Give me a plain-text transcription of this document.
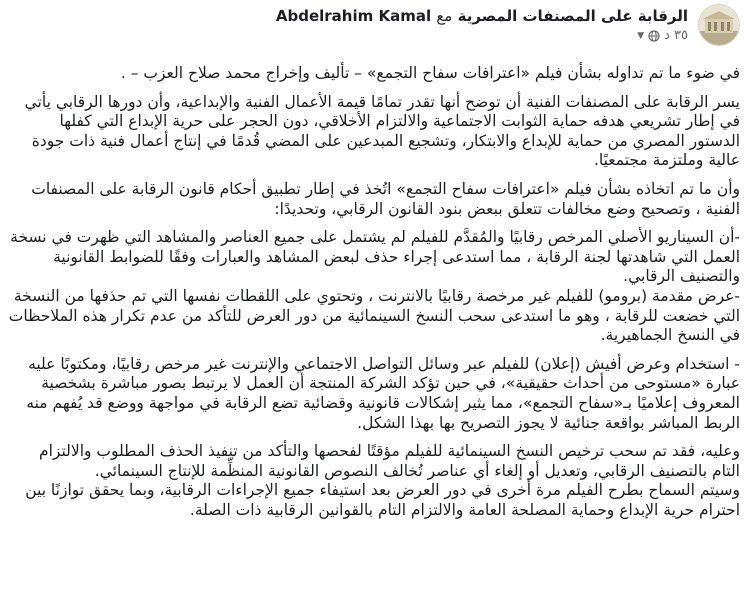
الرقابة على المصنفات المصرية مع Abdelrahim Kamal
٣٥ د
▼

في ضوء ما تم تداوله بشأن فيلم «اعترافات سفاح التجمع» – تأليف وإخراج محمد صلاح العزب – .

يسر الرقابة على المصنفات الفنية أن توضح أنها تقدر تمامًا قيمة الأعمال الفنية والإبداعية، وأن دورها الرقابي يأتي في إطار تشريعي هدفه حماية الثوابت الاجتماعية والالتزام الأخلاقي، دون الحجر على حرية الإبداع التي كفلها الدستور المصري من حماية للإبداع والابتكار، وتشجيع المبدعين على المضي قُدمًا في إنتاج أعمال فنية ذات جودة عالية وملتزمة مجتمعيًا.

وأن ما تم اتخاذه بشأن فيلم «اعترافات سفاح التجمع» اتُخذ في إطار تطبيق أحكام قانون الرقابة على المصنفات الفنية ، وتصحيح وضع مخالفات تتعلق ببعض بنود القانون الرقابي، وتحديدًا:

-أن السيناريو الأصلي المرخص رقابيًا والمُقدَّم للفيلم لم يشتمل على جميع العناصر والمشاهد التي ظهرت في نسخة العمل التي شاهدتها لجنة الرقابة ، مما استدعى إجراء حذف لبعض المشاهد والعبارات وفقًا للضوابط القانونية والتصنيف الرقابي.

-عرض مقدمة (برومو) للفيلم غير مرخصة رقابيًا بالانترنت ، وتحتوي على اللقطات نفسها التي تم حذفها من النسخة التي خضعت للرقابة ، وهو ما استدعى سحب النسخ السينمائية من دور العرض للتأكد من عدم تكرار هذه الملاحظات في النسخ الجماهيرية.

- استخدام وعرض أفيش (إعلان) للفيلم عبر وسائل التواصل الاجتماعي والإنترنت غير مرخص رقابيًا، ومكتوبًا عليه عبارة «مستوحى من أحداث حقيقية»، في حين تؤكد الشركة المنتجة أن العمل لا يرتبط بصور مباشرة بشخصية المعروف إعلاميًا بـ«سفاح التجمع»، مما يثير إشكالات قانونية وقضائية تضع الرقابة في مواجهة ووضع قد يُفهم منه الربط المباشر بواقعة جنائية لا يجوز التصريح بها بهذا الشكل.

وعليه، فقد تم سحب ترخيص النسخ السينمائية للفيلم مؤقتًا لفحصها والتأكد من تنفيذ الحذف المطلوب والالتزام التام بالتصنيف الرقابي، وتعديل أو إلغاء أي عناصر تُخالف النصوص القانونية المنظِّمة للإنتاج السينمائي.

وسيتم السماح بطرح الفيلم مرة أخرى في دور العرض بعد استيفاء جميع الإجراءات الرقابية، وبما يحقق توازنًا بين احترام حرية الإبداع وحماية المصلحة العامة والالتزام التام بالقوانين الرقابية ذات الصلة.
